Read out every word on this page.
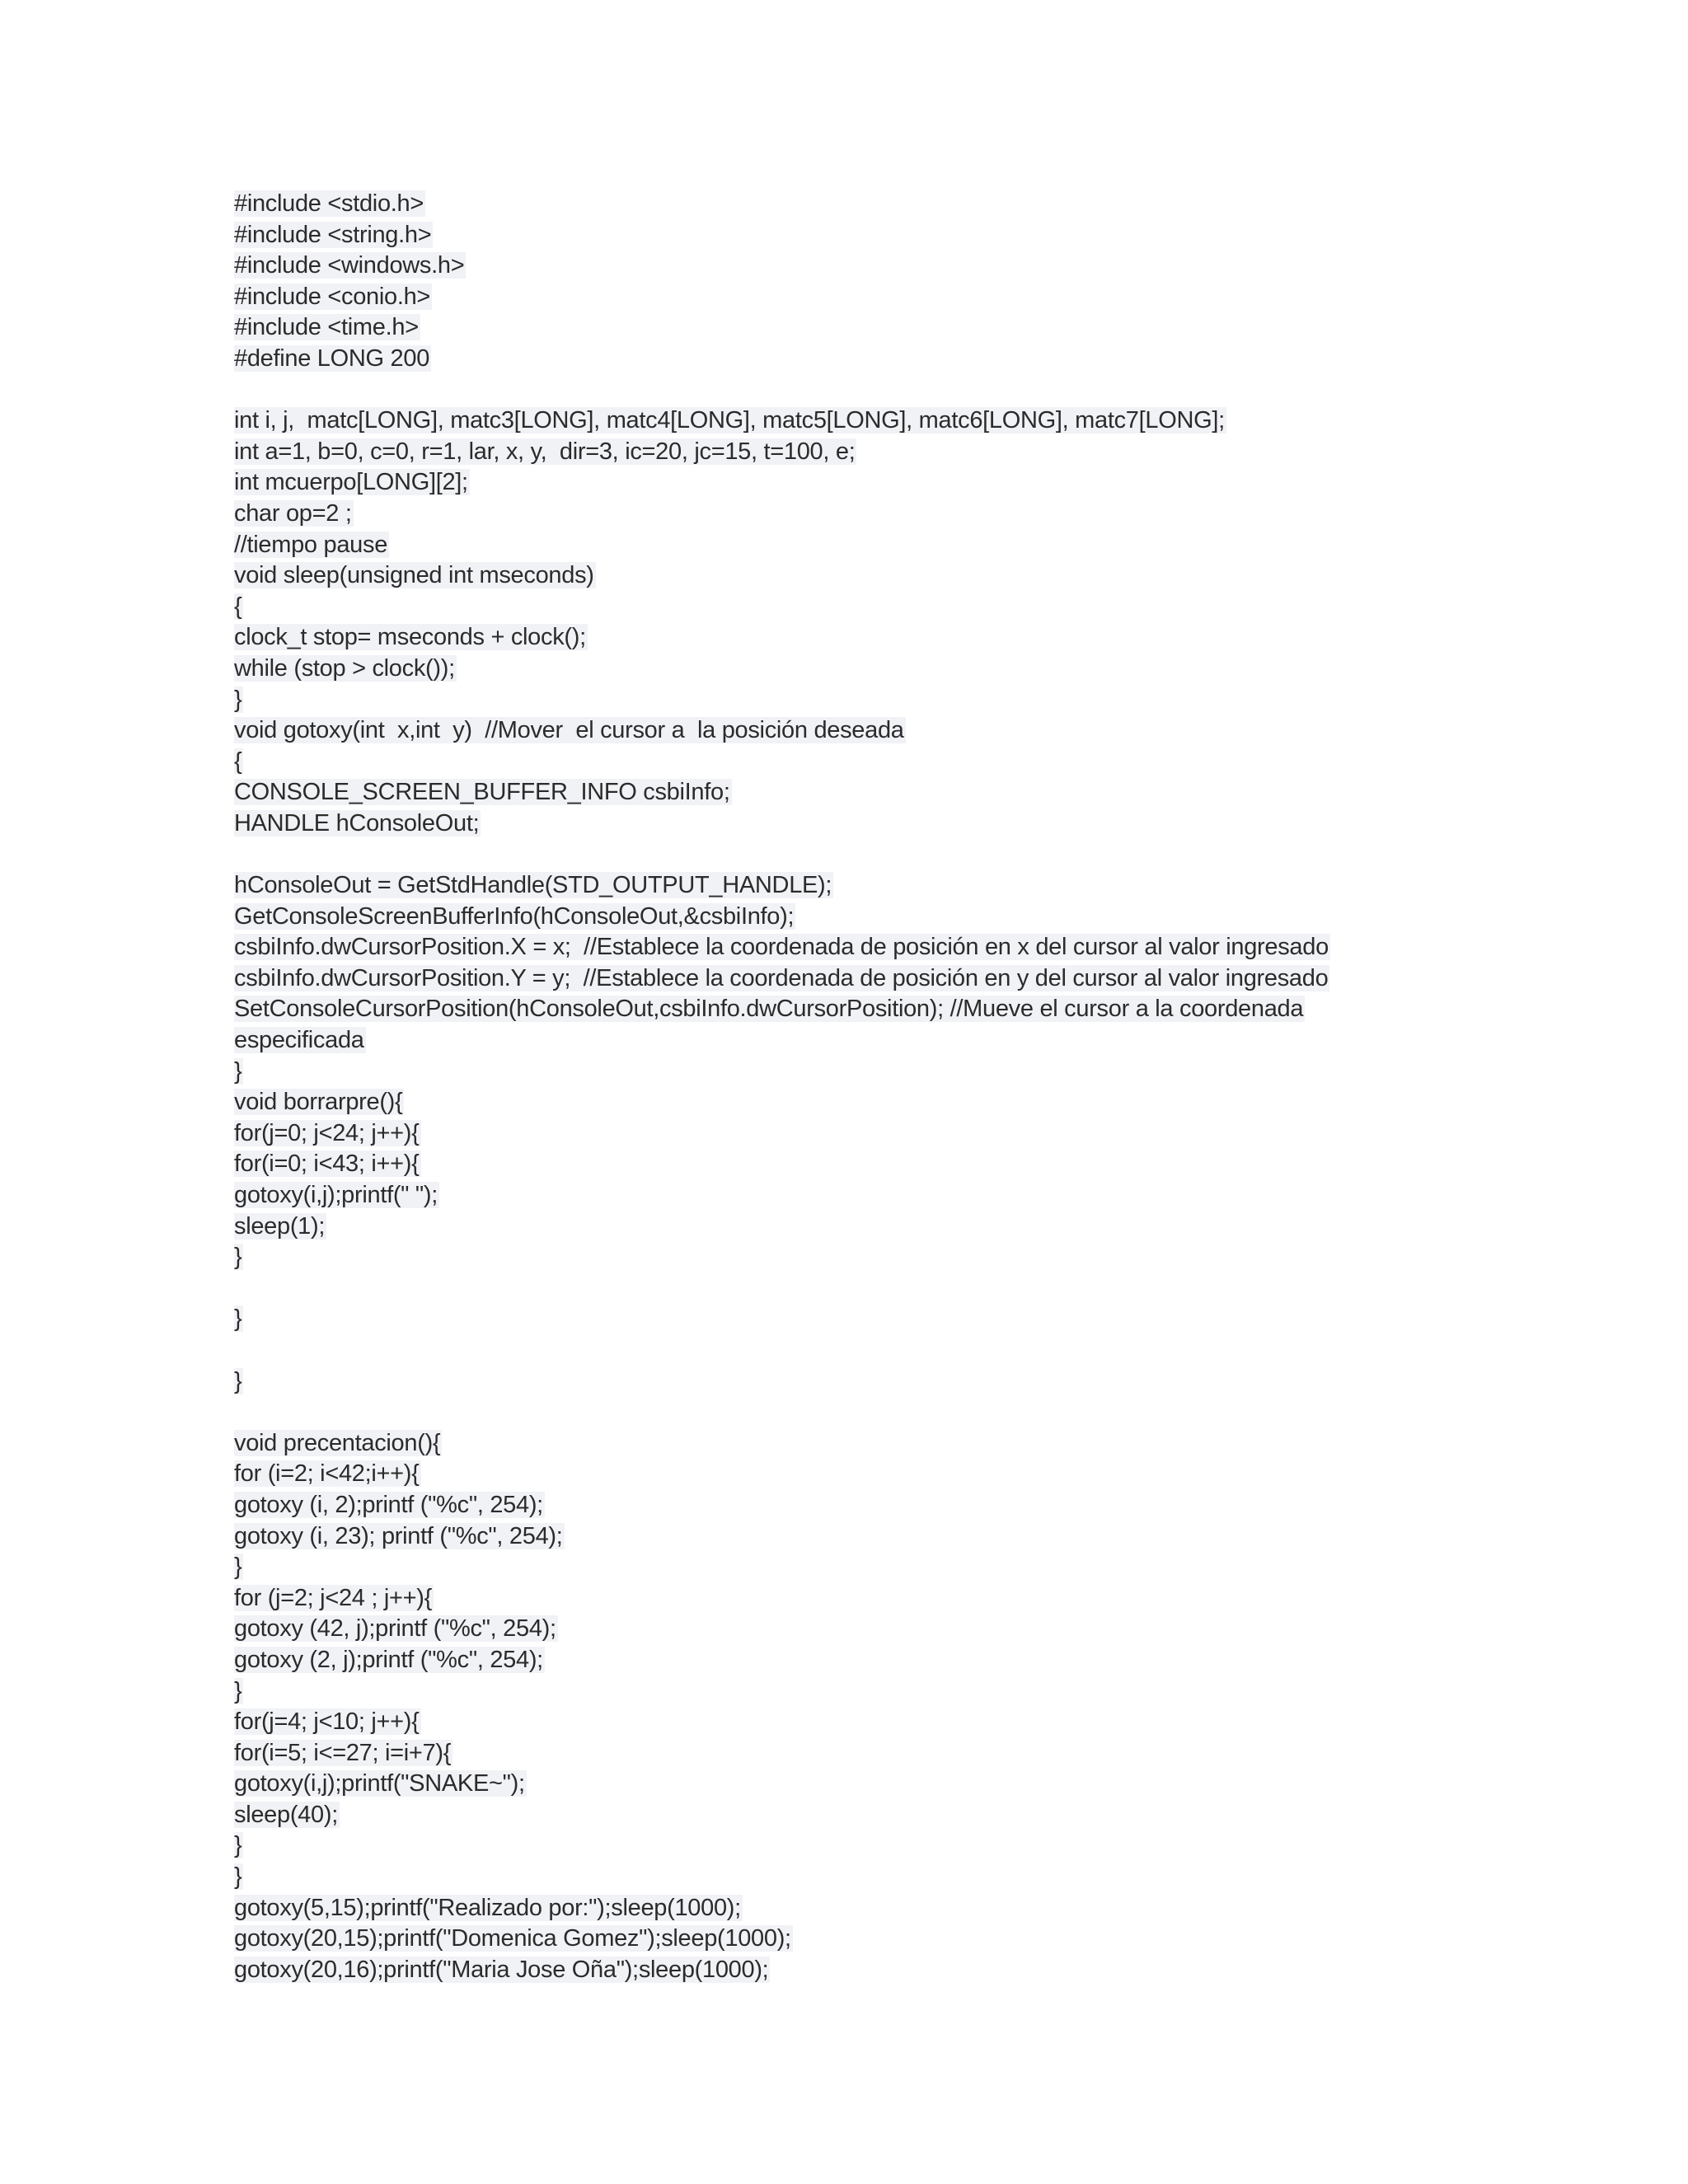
#include <stdio.h>
#include <string.h>
#include <windows.h>
#include <conio.h>
#include <time.h>
#define LONG 200
int i, j,  matc[LONG], matc3[LONG], matc4[LONG], matc5[LONG], matc6[LONG], matc7[LONG];
int a=1, b=0, c=0, r=1, lar, x, y,  dir=3, ic=20, jc=15, t=100, e;
int mcuerpo[LONG][2];
char op=2 ;
//tiempo pause
void sleep(unsigned int mseconds)
{
clock_t stop= mseconds + clock();
while (stop > clock());
}
void gotoxy(int  x,int  y)  //Mover  el cursor a  la posición deseada
{
CONSOLE_SCREEN_BUFFER_INFO csbiInfo;
HANDLE hConsoleOut;
hConsoleOut = GetStdHandle(STD_OUTPUT_HANDLE);
GetConsoleScreenBufferInfo(hConsoleOut,&csbiInfo);
csbiInfo.dwCursorPosition.X = x;  //Establece la coordenada de posición en x del cursor al valor ingresado
csbiInfo.dwCursorPosition.Y = y;  //Establece la coordenada de posición en y del cursor al valor ingresado
SetConsoleCursorPosition(hConsoleOut,csbiInfo.dwCursorPosition); //Mueve el cursor a la coordenada
especificada
}
void borrarpre(){
for(j=0; j<24; j++){
for(i=0; i<43; i++){
gotoxy(i,j);printf(" ");
sleep(1);
}
}
}
void precentacion(){
for (i=2; i<42;i++){
gotoxy (i, 2);printf ("%c", 254);
gotoxy (i, 23); printf ("%c", 254);
}
for (j=2; j<24 ; j++){
gotoxy (42, j);printf ("%c", 254);
gotoxy (2, j);printf ("%c", 254);
}
for(j=4; j<10; j++){
for(i=5; i<=27; i=i+7){
gotoxy(i,j);printf("SNAKE~");
sleep(40);
}
}
gotoxy(5,15);printf("Realizado por:");sleep(1000);
gotoxy(20,15);printf("Domenica Gomez");sleep(1000);
gotoxy(20,16);printf("Maria Jose Oña");sleep(1000);
